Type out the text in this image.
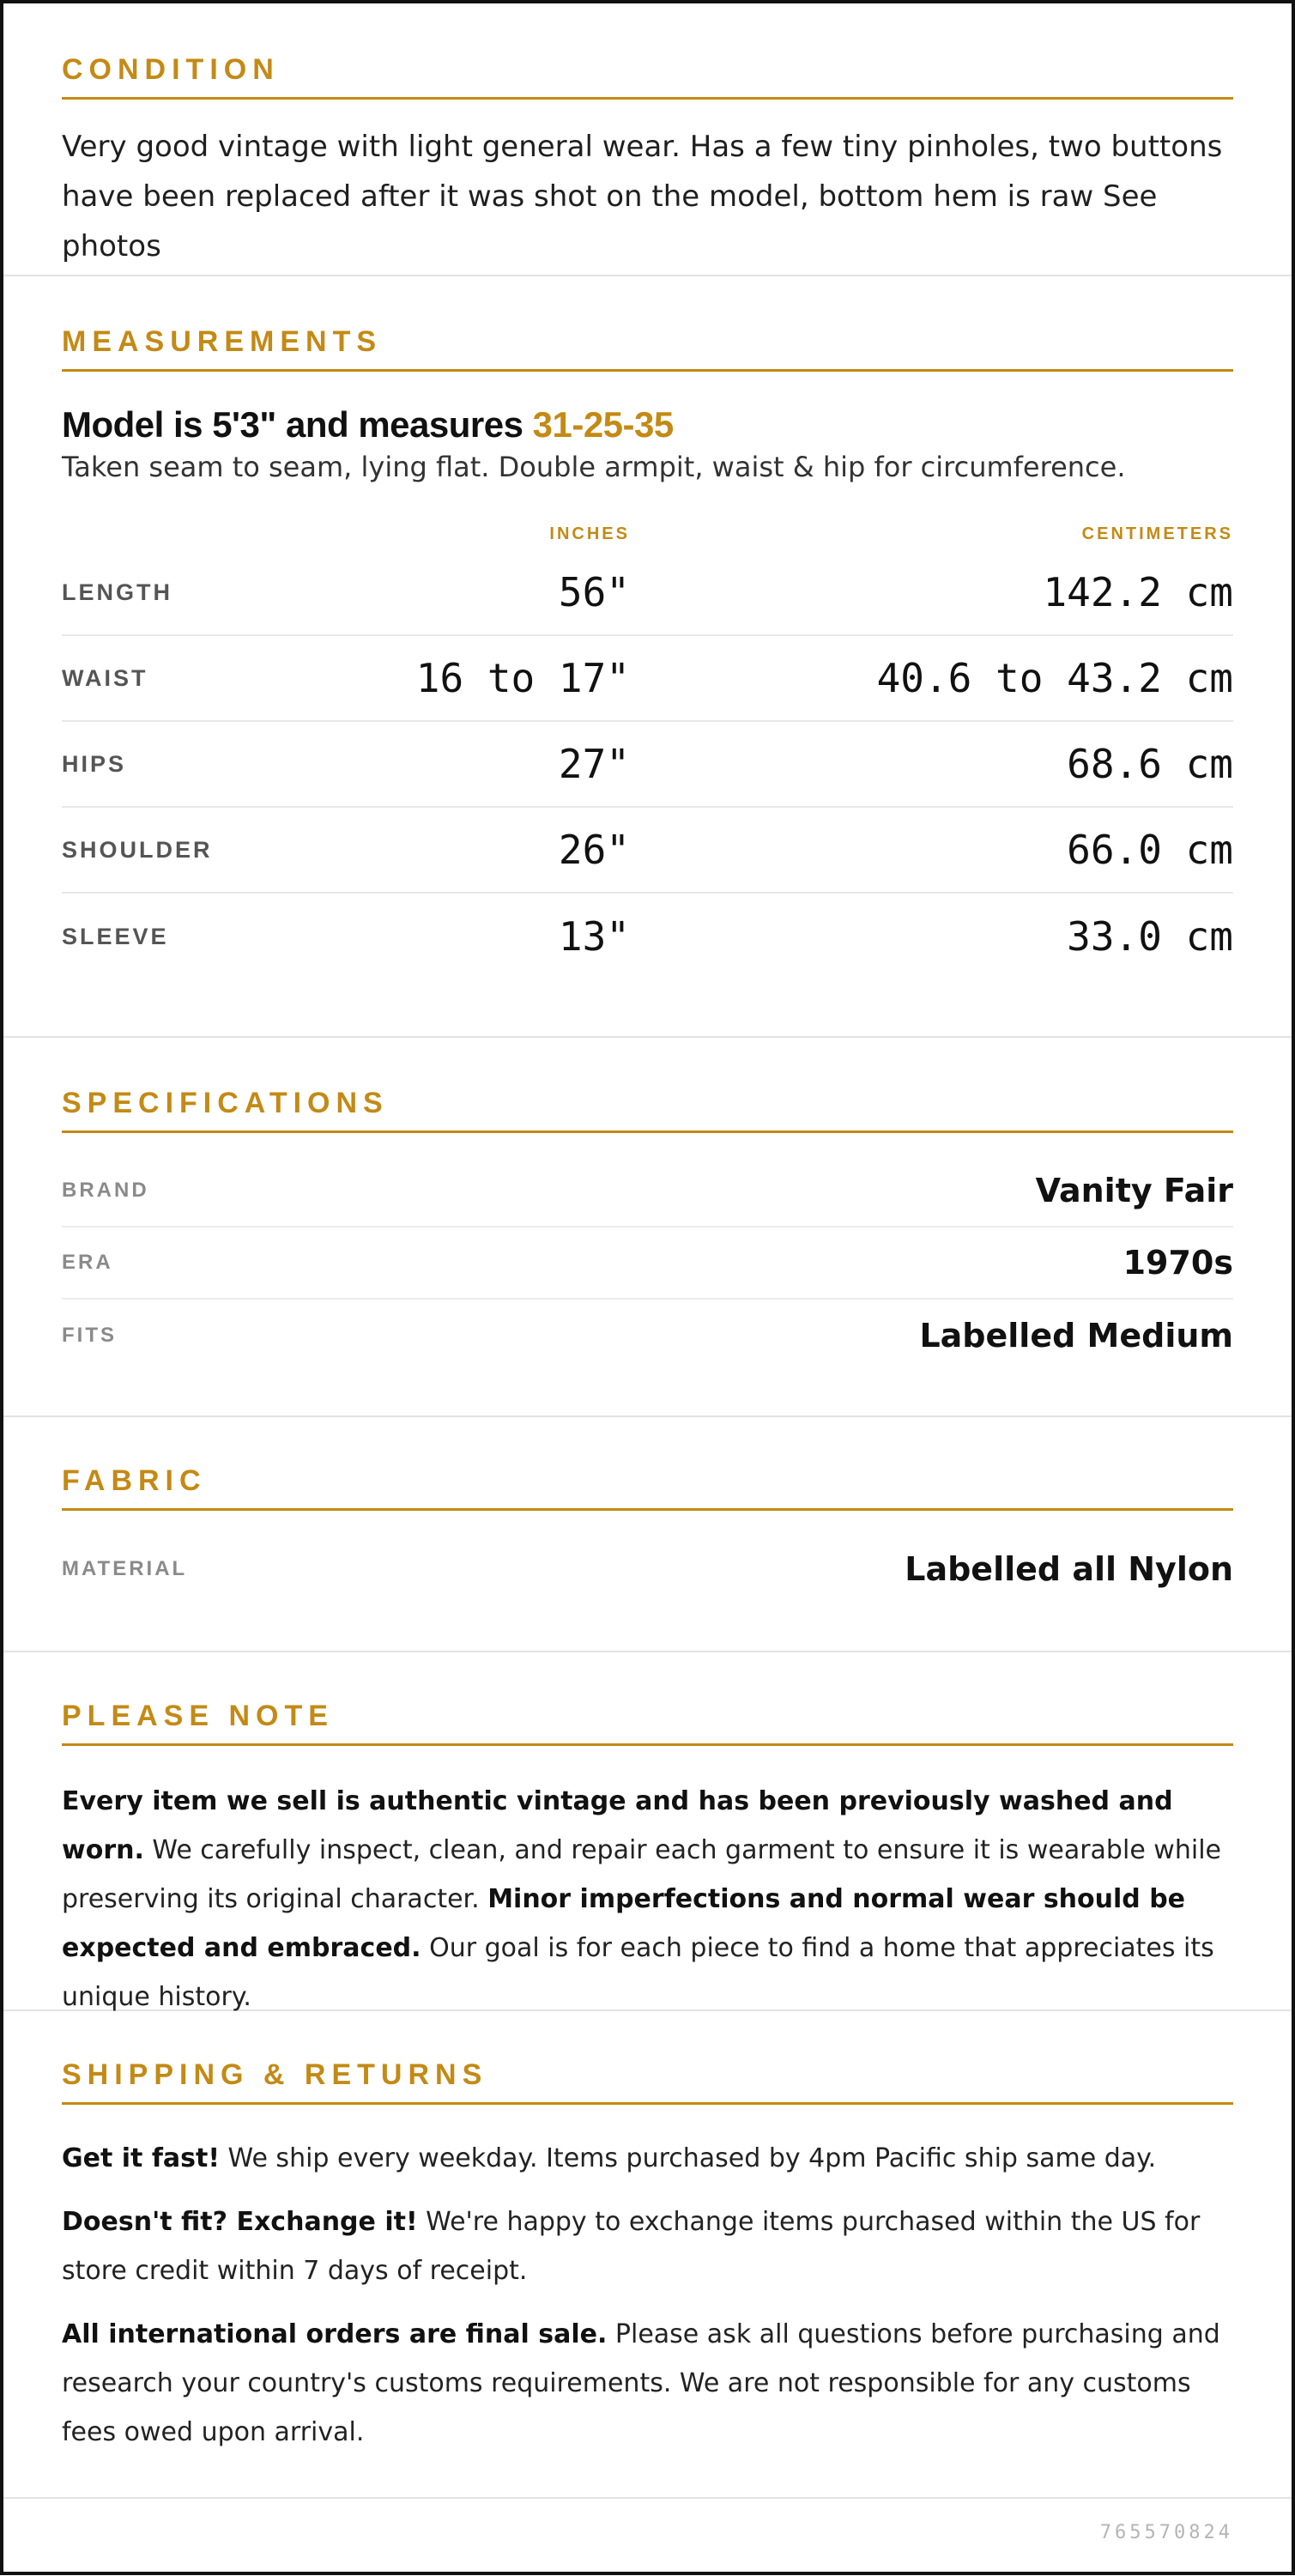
CONDITION

Very good vintage with light general wear. Has a few tiny pinholes, two buttons have been replaced after it was shot on the model, bottom hem is raw See photos

MEASUREMENTS
Model is 5'3" and measures 31-25-35

Taken seam to seam, lying flat. Double armpit, waist & hip for circumference.

INCHES	CENTIMETERS
LENGTH	56"	142.2 cm
WAIST	16 to 17"	40.6 to 43.2 cm
HIPS	27"	68.6 cm
SHOULDER	26"	66.0 cm
SLEEVE	13"	33.0 cm
SPECIFICATIONS
BRAND	Vanity Fair
ERA	1970s
FITS	Labelled Medium
FABRIC
MATERIAL	Labelled all Nylon
PLEASE NOTE

Every item we sell is authentic vintage and has been previously washed and worn. We carefully inspect, clean, and repair each garment to ensure it is wearable while preserving its original character. Minor imperfections and normal wear should be expected and embraced. Our goal is for each piece to find a home that appreciates its unique history.

SHIPPING & RETURNS

Get it fast! We ship every weekday. Items purchased by 4pm Pacific ship same day.

Doesn't fit? Exchange it! We're happy to exchange items purchased within the US for store credit within 7 days of receipt.

All international orders are final sale. Please ask all questions before purchasing and research your country's customs requirements. We are not responsible for any customs fees owed upon arrival.

765570824
